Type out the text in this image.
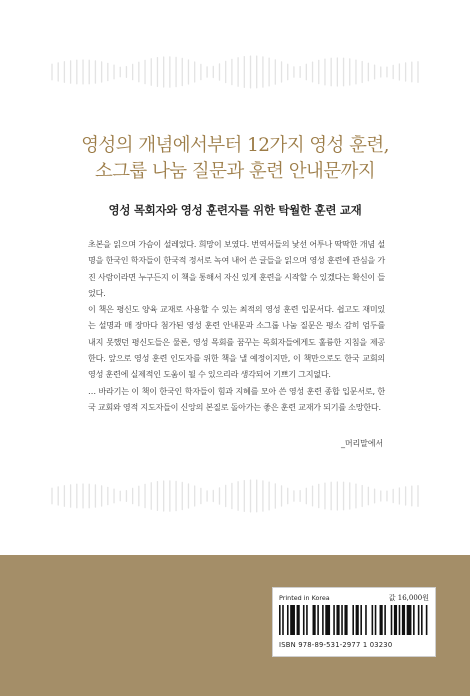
영성의 개념에서부터 12가지 영성 훈련,
소그룹 나눔 질문과 훈련 안내문까지
영성 목회자와 영성 훈련자를 위한 탁월한 훈련 교재

초본을 읽으며 가슴이 설레었다. 희망이 보였다. 번역서들의 낯선 어투나 딱딱한 개념 설명을 한국인 학자들이 한국적 정서로 녹여 내어 쓴 글들을 읽으며 영성 훈련에 관심을 가진 사람이라면 누구든지 이 책을 통해서 자신 있게 훈련을 시작할 수 있겠다는 확신이 들었다.

이 책은 평신도 양육 교재로 사용할 수 있는 최적의 영성 훈련 입문서다. 쉽고도 재미있는 설명과 매 장마다 첨가된 영성 훈련 안내문과 소그룹 나눔 질문은 평소 감히 엄두를 내지 못했던 평신도들은 물론, 영성 목회를 꿈꾸는 목회자들에게도 훌륭한 지침을 제공한다. 앞으로 영성 훈련 인도자를 위한 책을 낼 예정이지만, 이 책만으로도 한국 교회의 영성 훈련에 실제적인 도움이 될 수 있으리라 생각되어 기쁘기 그지없다.

… 바라기는 이 책이 한국인 학자들이 힘과 지혜를 모아 쓴 영성 훈련 종합 입문서로, 한국 교회와 영적 지도자들이 신앙의 본질로 돌아가는 좋은 훈련 교재가 되기를 소망한다.

_머리말에서
Printed in Korea	값 16,000원
ISBN 978-89-531-2977 1 03230
